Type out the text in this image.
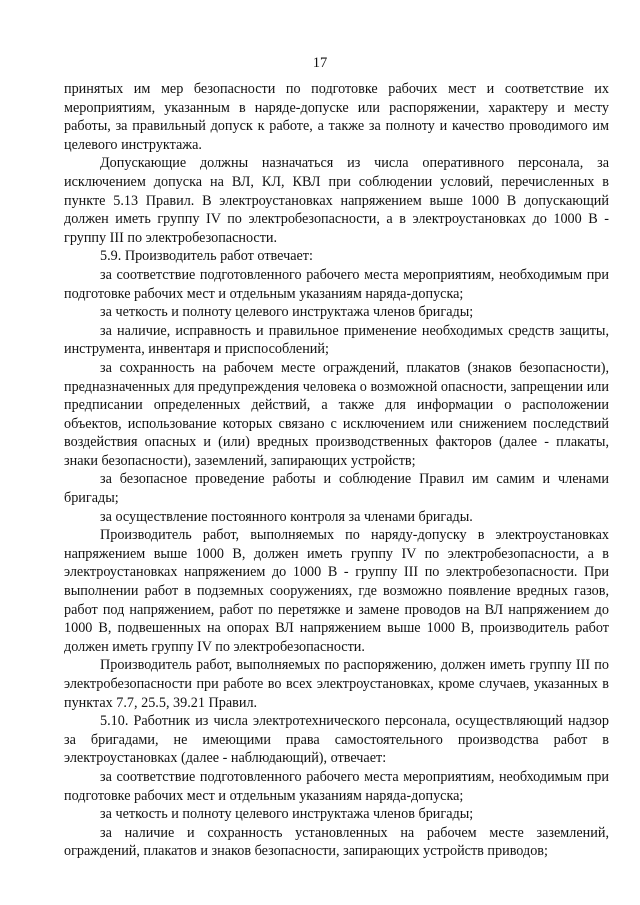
17

принятых им мер безопасности по подготовке рабочих мест и соответствие их мероприятиям, указанным в наряде-допуске или распоряжении, характеру и месту работы, за правильный допуск к работе, а также за полноту и качество проводимого им целевого инструктажа.

Допускающие должны назначаться из числа оперативного персонала, за исключением допуска на ВЛ, КЛ, КВЛ при соблюдении условий, перечисленных в пункте 5.13 Правил. В электроустановках напряжением выше 1000 В допускающий должен иметь группу IV по электробезопасности, а в электроустановках до 1000 В - группу III по электробезопасности.

5.9. Производитель работ отвечает:

за соответствие подготовленного рабочего места мероприятиям, необходимым при подготовке рабочих мест и отдельным указаниям наряда-допуска;

за четкость и полноту целевого инструктажа членов бригады;

за наличие, исправность и правильное применение необходимых средств защиты, инструмента, инвентаря и приспособлений;

за сохранность на рабочем месте ограждений, плакатов (знаков безопасности), предназначенных для предупреждения человека о возможной опасности, запрещении или предписании определенных действий, а также для информации о расположении объектов, использование которых связано с исключением или снижением последствий воздействия опасных и (или) вредных производственных факторов (далее - плакаты, знаки безопасности), заземлений, запирающих устройств;

за безопасное проведение работы и соблюдение Правил им самим и членами бригады;

за осуществление постоянного контроля за членами бригады.

Производитель работ, выполняемых по наряду-допуску в электроустановках напряжением выше 1000 В, должен иметь группу IV по электробезопасности, а в электроустановках напряжением до 1000 В - группу III по электробезопасности. При выполнении работ в подземных сооружениях, где возможно появление вредных газов, работ под напряжением, работ по перетяжке и замене проводов на ВЛ напряжением до 1000 В, подвешенных на опорах ВЛ напряжением выше 1000 В, производитель работ должен иметь группу IV по электробезопасности.

Производитель работ, выполняемых по распоряжению, должен иметь группу III по электробезопасности при работе во всех электроустановках, кроме случаев, указанных в пунктах 7.7, 25.5, 39.21 Правил.

5.10. Работник из числа электротехнического персонала, осуществляющий надзор за бригадами, не имеющими права самостоятельного производства работ в электроустановках (далее - наблюдающий), отвечает:

за соответствие подготовленного рабочего места мероприятиям, необходимым при подготовке рабочих мест и отдельным указаниям наряда-допуска;

за четкость и полноту целевого инструктажа членов бригады;

за наличие и сохранность установленных на рабочем месте заземлений, ограждений, плакатов и знаков безопасности, запирающих устройств приводов;
